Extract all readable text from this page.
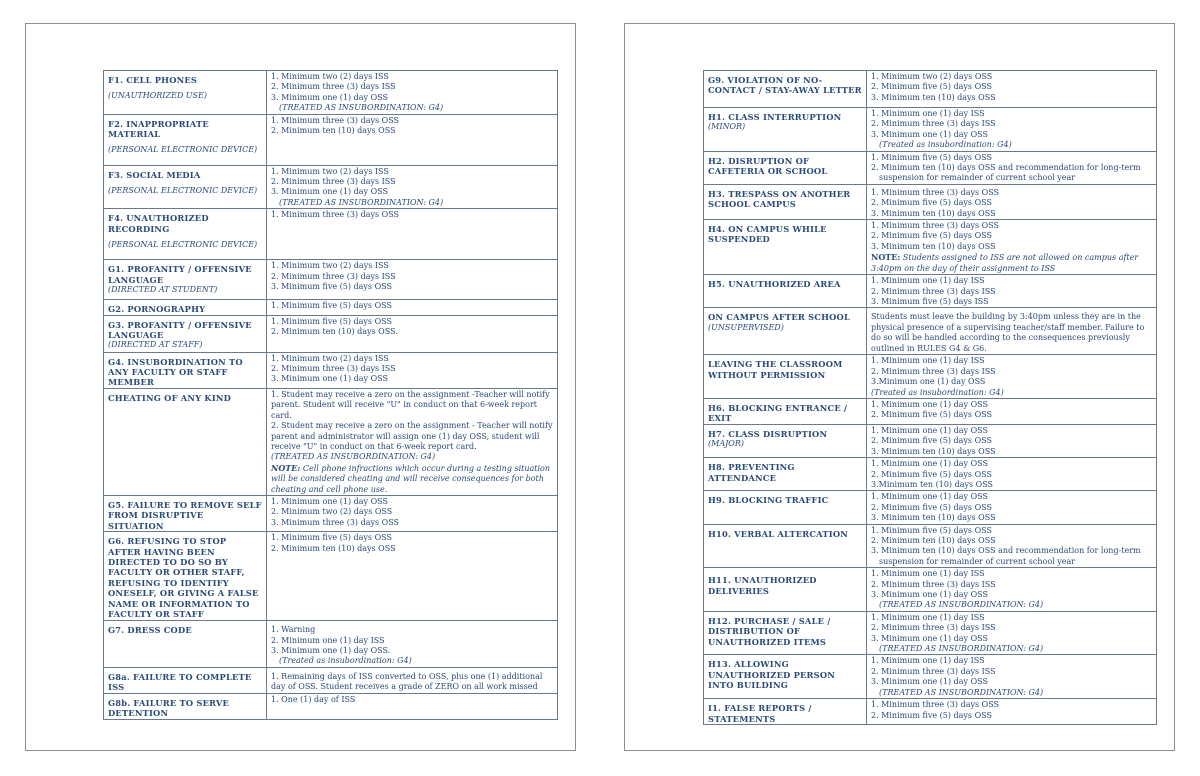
F1. CELL PHONES
(UNAUTHORIZED USE)	1. Minimum two (2) days ISS
2. Minimum three (3) days ISS
3. Minimum one (1) day OSS
(TREATED AS INSUBORDINATION: G4)

F2. INAPPROPRIATE MATERIAL
(PERSONAL ELECTRONIC DEVICE)	1. Minimum three (3) days OSS
2. Minimum ten (10) days OSS

F3. SOCIAL MEDIA
(PERSONAL ELECTRONIC DEVICE)	1. Minimum two (2) days ISS
2. Minimum three (3) days ISS
3. Minimum one (1) day OSS
(TREATED AS INSUBORDINATION: G4)

F4. UNAUTHORIZED RECORDING
(PERSONAL ELECTRONIC DEVICE)	1. Minimum three (3) days OSS

G1. PROFANITY / OFFENSIVE LANGUAGE
(DIRECTED AT STUDENT)	1. Minimum two (2) days ISS
2. Minimum three (3) days ISS
3. Minimum five (5) days OSS

G2. PORNOGRAPHY	1. Minimum five (5) days OSS

G3. PROFANITY / OFFENSIVE LANGUAGE
(DIRECTED AT STAFF)	1. Minimum five (5) days OSS
2. Minimum ten (10) days OSS.

G4. INSUBORDINATION TO ANY FACULTY OR STAFF MEMBER	1. Minimum two (2) days ISS
2. Minimum three (3) days ISS
3. Minimum one (1) day OSS

CHEATING OF ANY KIND	1. Student may receive a zero on the assignment -Teacher will notify parent. Student will receive "U" in conduct on that 6-week report card.
2. Student may receive a zero on the assignment - Teacher will notify parent and administrator will assign one (1) day OSS, student will receive "U" in conduct on that 6-week report card.
(TREATED AS INSUBORDINATION: G4)
NOTE: Cell phone infractions which occur during a testing situation will be considered cheating and will receive consequences for both cheating and cell phone use.

G5. FAILURE TO REMOVE SELF FROM DISRUPTIVE SITUATION	1. Minimum one (1) day OSS
2. Minimum two (2) days OSS
3. Minimum three (3) days OSS

G6. REFUSING TO STOP AFTER HAVING BEEN DIRECTED TO DO SO BY FACULTY OR OTHER STAFF, REFUSING TO IDENTIFY ONESELF, OR GIVING A FALSE NAME OR INFORMATION TO FACULTY OR STAFF	1. Minimum five (5) days OSS
2. Minimum ten (10) days OSS

G7. DRESS CODE	1. Warning
2. Minimum one (1) day ISS
3. Minimum one (1) day OSS.
(Treated as insubordination: G4)

G8a. FAILURE TO COMPLETE ISS	1. Remaining days of ISS converted to OSS, plus one (1) additional day of OSS. Student receives a grade of ZERO on all work missed

G8b. FAILURE TO SERVE DETENTION	1. One (1) day of ISS
G9. VIOLATION OF NO-CONTACT / STAY-AWAY LETTER	1. Minimum two (2) days OSS
2. Minimum five (5) days OSS
3. Minimum ten (10) days OSS

H1. CLASS INTERRUPTION
(MINOR)	1. Minimum one (1) day ISS
2. Minimum three (3) days ISS
3. Minimum one (1) day OSS
(Treated as insubordination: G4)

H2. DISRUPTION OF CAFETERIA OR SCHOOL	1. Minimum five (5) days OSS
2. Minimum ten (10) days OSS and recommendation for long-term
suspension for remainder of current school year

H3. TRESPASS ON ANOTHER SCHOOL CAMPUS	1. Minimum three (3) days OSS
2. Minimum five (5) days OSS
3. Minimum ten (10) days OSS

H4. ON CAMPUS WHILE SUSPENDED	1. Minimum three (3) days OSS
2. Minimum five (5) days OSS
3. Minimum ten (10) days OSS
NOTE: Students assigned to ISS are not allowed on campus after 3:40pm on the day of their assignment to ISS

H5. UNAUTHORIZED AREA	1. Minimum one (1) day ISS
2. Minimum three (3) days ISS
3. Minimum five (5) days ISS

ON CAMPUS AFTER SCHOOL
(UNSUPERVISED)	Students must leave the building by 3:40pm unless they are in the physical presence of a supervising teacher/staff member. Failure to do so will be handled according to the consequences previously outlined in RULES G4 & G6.

LEAVING THE CLASSROOM WITHOUT PERMISSION	1. Minimum one (1) day ISS
2. Minimum three (3) days ISS
3.Minimum one (1) day OSS
(Treated as insubordination: G4)

H6. BLOCKING ENTRANCE / EXIT	1. Minimum one (1) day OSS
2. Minimum five (5) days OSS

H7. CLASS DISRUPTION
(MAJOR)	1. Minimum one (1) day OSS
2. Minimum five (5) days OSS
3. Minimum ten (10) days OSS

H8. PREVENTING ATTENDANCE	1. Minimum one (1) day OSS
2. Minimum five (5) days OSS
3.Minimum ten (10) days OSS

H9. BLOCKING TRAFFIC	1. Minimum one (1) day OSS
2. Minimum five (5) days OSS
3. Minimum ten (10) days OSS

H10. VERBAL ALTERCATION	1. Minimum five (5) days OSS
2. Minimum ten (10) days OSS
3. Minimum ten (10) days OSS and recommendation for long-term
suspension for remainder of current school year

H11. UNAUTHORIZED DELIVERIES	1. Minimum one (1) day ISS
2. Minimum three (3) days ISS
3. Minimum one (1) day OSS
(TREATED AS INSUBORDINATION: G4)

H12. PURCHASE / SALE / DISTRIBUTION OF UNAUTHORIZED ITEMS	1. Minimum one (1) day ISS
2. Minimum three (3) days ISS
3. Minimum one (1) day OSS
(TREATED AS INSUBORDINATION: G4)

H13. ALLOWING UNAUTHORIZED PERSON INTO BUILDING	1. Minimum one (1) day ISS
2. Minimum three (3) days ISS
3. Minimum one (1) day OSS
(TREATED AS INSUBORDINATION: G4)

I1. FALSE REPORTS / STATEMENTS	1. Minimum three (3) days OSS
2. Minimum five (5) days OSS
